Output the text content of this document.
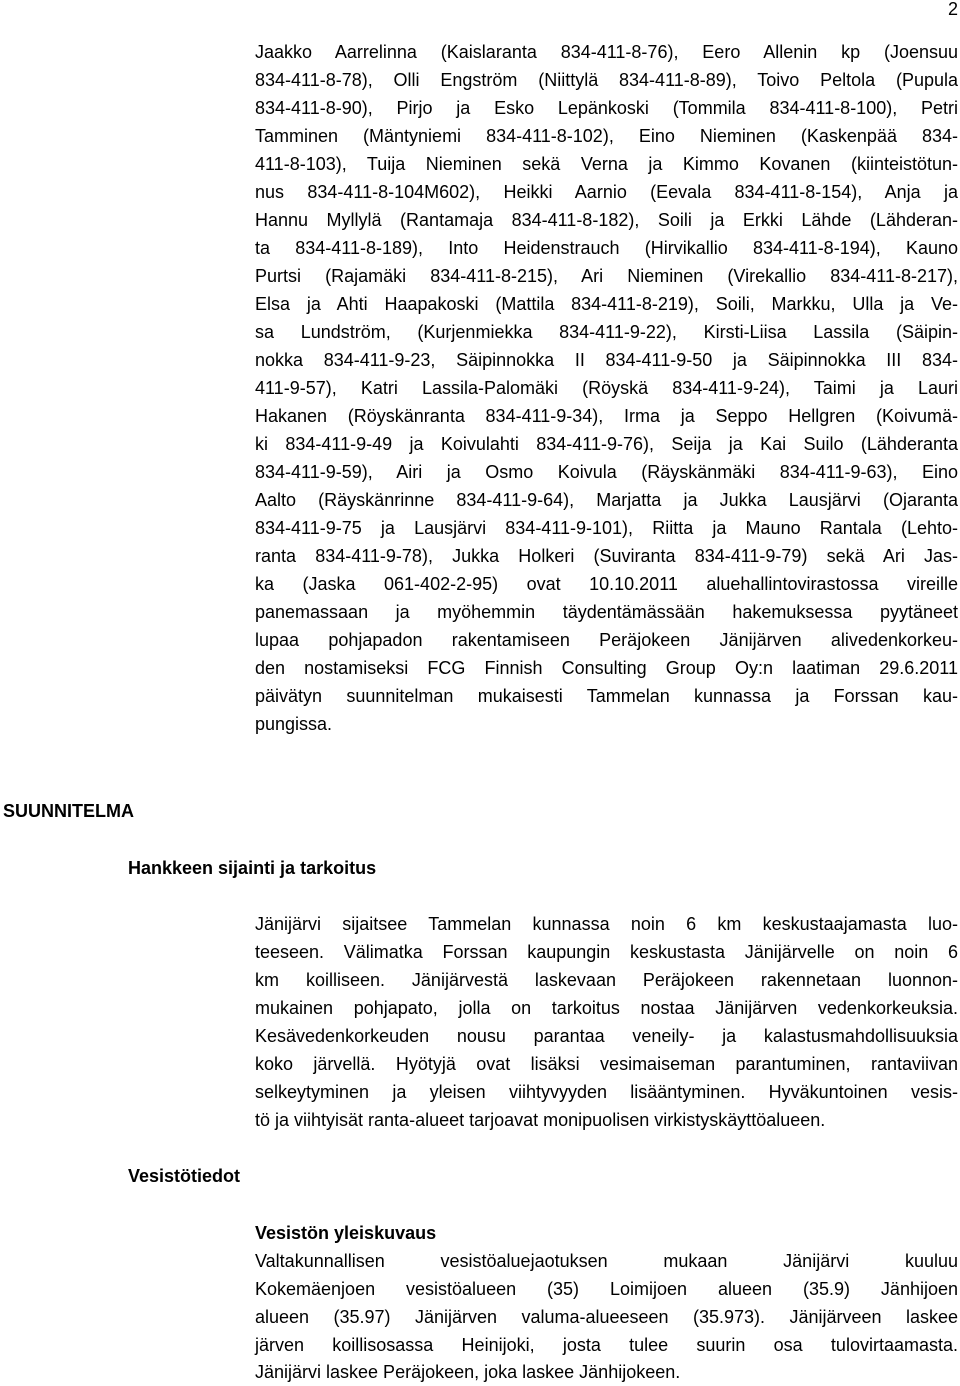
2
Jaakko Aarrelinna (Kaislaranta 834-411-8-76), Eero Allenin kp (Joensuu
834-411-8-78), Olli Engström (Niittylä 834-411-8-89), Toivo Peltola (Pupula
834-411-8-90), Pirjo ja Esko Lepänkoski (Tommila 834-411-8-100), Petri
Tamminen (Mäntyniemi 834-411-8-102), Eino Nieminen (Kaskenpää 834-
411-8-103), Tuija Nieminen sekä Verna ja Kimmo Kovanen (kiinteistötun-
nus 834-411-8-104M602), Heikki Aarnio (Eevala 834-411-8-154), Anja ja
Hannu Myllylä (Rantamaja 834-411-8-182), Soili ja Erkki Lähde (Lähderan-
ta 834-411-8-189), Into Heidenstrauch (Hirvikallio 834-411-8-194), Kauno
Purtsi (Rajamäki 834-411-8-215), Ari Nieminen (Virekallio 834-411-8-217),
Elsa ja Ahti Haapakoski (Mattila 834-411-8-219), Soili, Markku, Ulla ja Ve-
sa Lundström, (Kurjenmiekka 834-411-9-22), Kirsti-Liisa Lassila (Säipin-
nokka 834-411-9-23, Säipinnokka II 834-411-9-50 ja Säipinnokka III 834-
411-9-57), Katri Lassila-Palomäki (Röyskä 834-411-9-24), Taimi ja Lauri
Hakanen (Röyskänranta 834-411-9-34), Irma ja Seppo Hellgren (Koivumä-
ki 834-411-9-49 ja Koivulahti 834-411-9-76), Seija ja Kai Suilo (Lähderanta
834-411-9-59), Airi ja Osmo Koivula (Räyskänmäki 834-411-9-63), Eino
Aalto (Räyskänrinne 834-411-9-64), Marjatta ja Jukka Lausjärvi (Ojaranta
834-411-9-75 ja Lausjärvi 834-411-9-101), Riitta ja Mauno Rantala (Lehto-
ranta 834-411-9-78), Jukka Holkeri (Suviranta 834-411-9-79) sekä Ari Jas-
ka (Jaska 061-402-2-95) ovat 10.10.2011 aluehallintovirastossa vireille
panemassaan ja myöhemmin täydentämässään hakemuksessa pyytäneet
lupaa pohjapadon rakentamiseen Peräjokeen Jänijärven alivedenkorkeu-
den nostamiseksi FCG Finnish Consulting Group Oy:n laatiman 29.6.2011
päivätyn suunnitelman mukaisesti Tammelan kunnassa ja Forssan kau-
pungissa.
SUUNNITELMA
Hankkeen sijainti ja tarkoitus
Jänijärvi sijaitsee Tammelan kunnassa noin 6 km keskustaajamasta luo-
teeseen. Välimatka Forssan kaupungin keskustasta Jänijärvelle on noin 6
km koilliseen. Jänijärvestä laskevaan Peräjokeen rakennetaan luonnon-
mukainen pohjapato, jolla on tarkoitus nostaa Jänijärven vedenkorkeuksia.
Kesävedenkorkeuden nousu parantaa veneily- ja kalastusmahdollisuuksia
koko järvellä. Hyötyjä ovat lisäksi vesimaiseman parantuminen, rantaviivan
selkeytyminen ja yleisen viihtyvyyden lisääntyminen. Hyväkuntoinen vesis-
tö ja viihtyisät ranta-alueet tarjoavat monipuolisen virkistyskäyttöalueen.
Vesistötiedot
Vesistön yleiskuvaus
Valtakunnallisen vesistöaluejaotuksen mukaan Jänijärvi kuuluu
Kokemäenjoen vesistöalueen (35) Loimijoen alueen (35.9) Jänhijoen
alueen (35.97) Jänijärven valuma-alueeseen (35.973). Jänijärveen laskee
järven koillisosassa Heinijoki, josta tulee suurin osa tulovirtaamasta.
Jänijärvi laskee Peräjokeen, joka laskee Jänhijokeen.
